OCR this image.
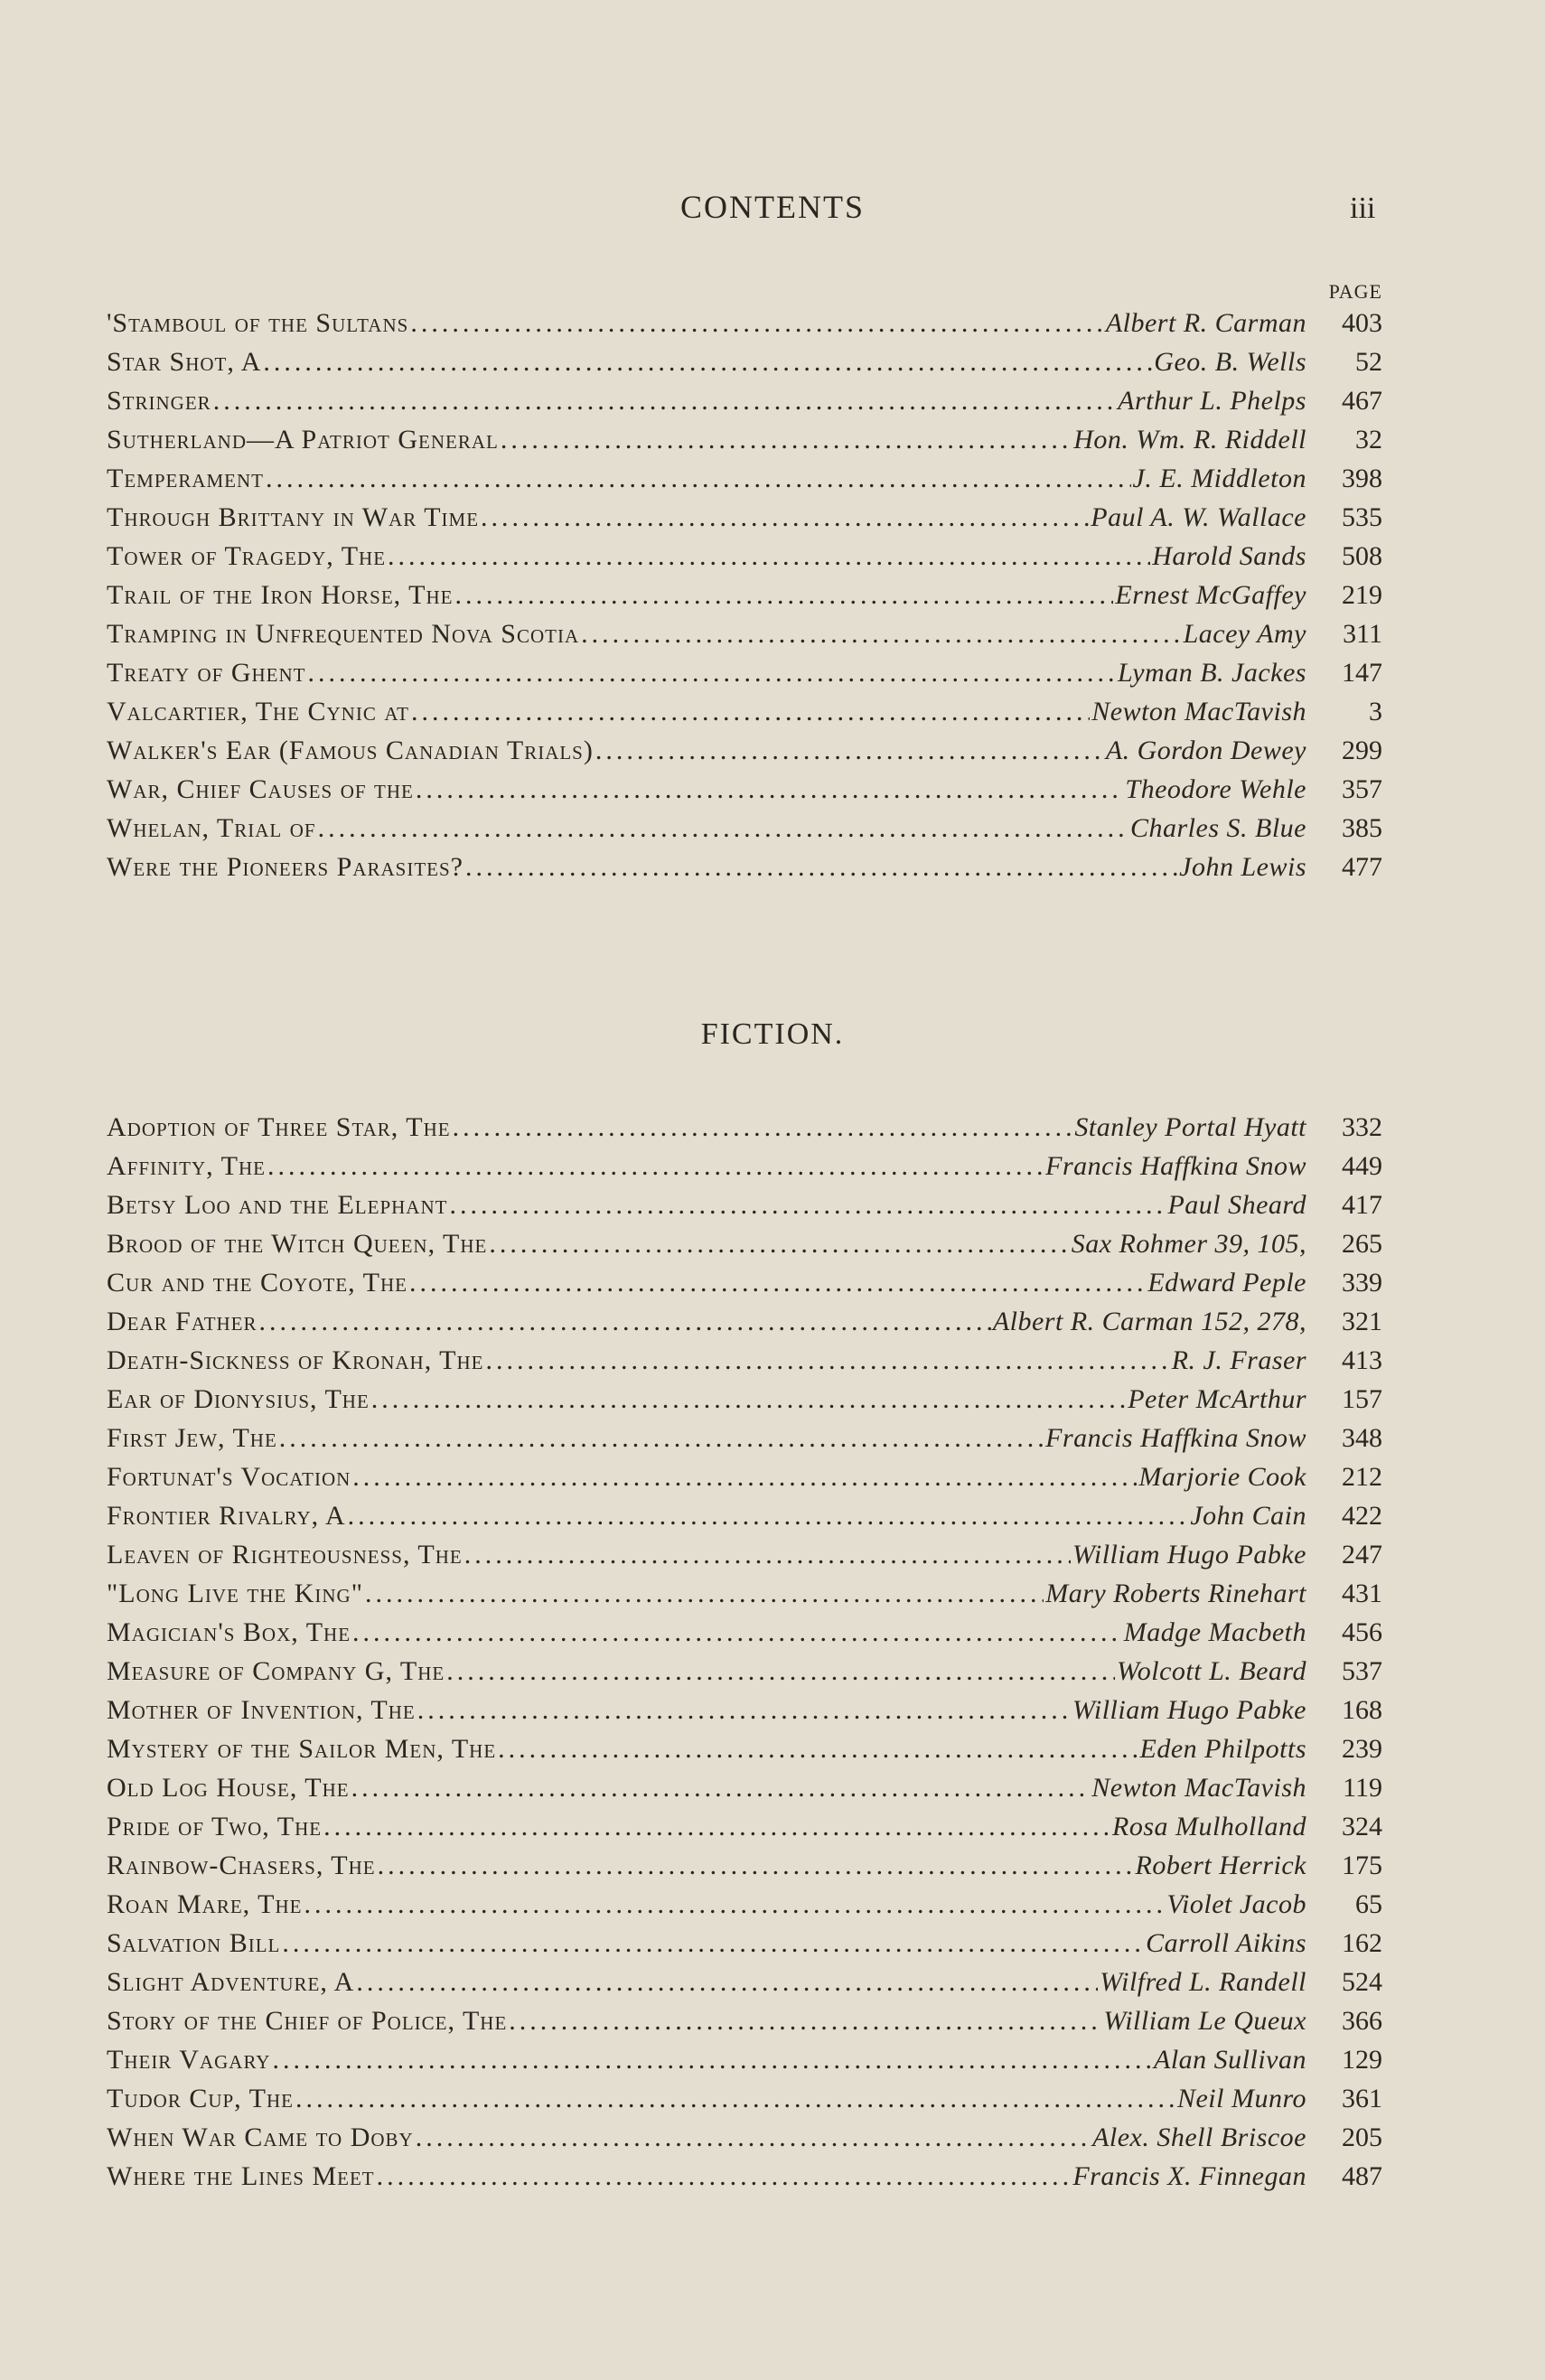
CONTENTS	iii
PAGE
'Stamboul of the Sultans .....	Albert R. Carman	403
Star Shot, A .....	Geo. B. Wells	52
Stringer .....	Arthur L. Phelps	467
Sutherland—A Patriot General .....	Hon. Wm. R. Riddell	32
Temperament .....	J. E. Middleton	398
Through Brittany in War Time .....	Paul A. W. Wallace	535
Tower of Tragedy, The .....	Harold Sands	508
Trail of the Iron Horse, The .....	Ernest McGaffey	219
Tramping in Unfrequented Nova Scotia .....	Lacey Amy	311
Treaty of Ghent .....	Lyman B. Jackes	147
Valcartier, The Cynic at .....	Newton MacTavish	3
Walker's Ear (Famous Canadian Trials) .....	A. Gordon Dewey	299
War, Chief Causes of the .....	Theodore Wehle	357
Whelan, Trial of .....	Charles S. Blue	385
Were the Pioneers Parasites? .....	John Lewis	477
FICTION.
Adoption of Three Star, The .....	Stanley Portal Hyatt	332
Affinity, The .....	Francis Haffkina Snow	449
Betsy Loo and the Elephant .....	Paul Sheard	417
Brood of the Witch Queen, The .....	Sax Rohmer 39, 105,	265
Cur and the Coyote, The .....	Edward Peple	339
Dear Father .....	Albert R. Carman 152, 278,	321
Death-Sickness of Kronah, The .....	R. J. Fraser	413
Ear of Dionysius, The .....	Peter McArthur	157
First Jew, The .....	Francis Haffkina Snow	348
Fortunat's Vocation .....	Marjorie Cook	212
Frontier Rivalry, A .....	John Cain	422
Leaven of Righteousness, The .....	William Hugo Pabke	247
"Long Live the King" .....	Mary Roberts Rinehart	431
Magician's Box, The .....	Madge Macbeth	456
Measure of Company G, The .....	Wolcott L. Beard	537
Mother of Invention, The .....	William Hugo Pabke	168
Mystery of the Sailor Men, The .....	Eden Philpotts	239
Old Log House, The .....	Newton MacTavish	119
Pride of Two, The .....	Rosa Mulholland	324
Rainbow-Chasers, The .....	Robert Herrick	175
Roan Mare, The .....	Violet Jacob	65
Salvation Bill .....	Carroll Aikins	162
Slight Adventure, A .....	Wilfred L. Randell	524
Story of the Chief of Police, The .....	William Le Queux	366
Their Vagary .....	Alan Sullivan	129
Tudor Cup, The .....	Neil Munro	361
When War Came to Doby .....	Alex. Shell Briscoe	205
Where the Lines Meet .....	Francis X. Finnegan	487
